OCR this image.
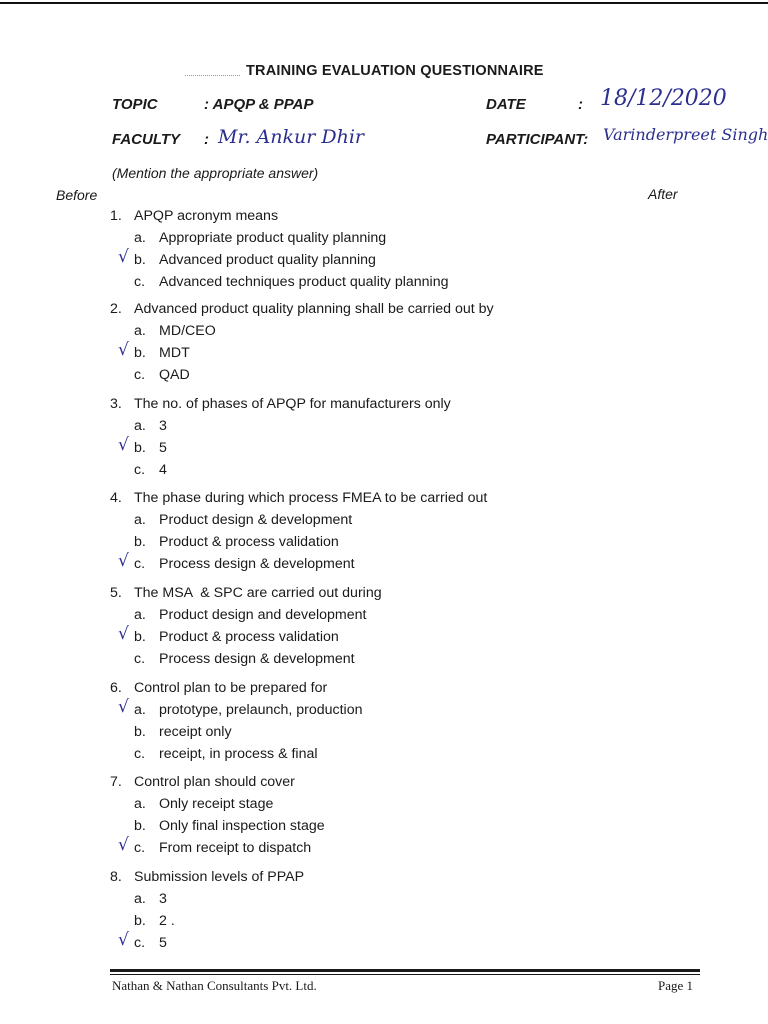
TRAINING EVALUATION QUESTIONNAIRE
TOPIC	: APQP & PPAP	DATE	: 18/12/2020
FACULTY : Mr. Ankur Dhir	PARTICIPANT: Varinderpreet Singh
(Mention the appropriate answer)
Before	After
1. APQP acronym means
a. Appropriate product quality planning
√ b. Advanced product quality planning
c. Advanced techniques product quality planning
2. Advanced product quality planning shall be carried out by
a. MD/CEO
√ b. MDT
c. QAD
3. The no. of phases of APQP for manufacturers only
a. 3
√ b. 5
c. 4
4. The phase during which process FMEA to be carried out
a. Product design & development
b. Product & process validation
√ c. Process design & development
5. The MSA  & SPC are carried out during
a. Product design and development
√ b. Product & process validation
c. Process design & development
6. Control plan to be prepared for
√ a. prototype, prelaunch, production
b. receipt only
c. receipt, in process & final
7. Control plan should cover
a. Only receipt stage
b. Only final inspection stage
√ c. From receipt to dispatch
8. Submission levels of PPAP
a. 3
b. 2 .
√ c. 5
Nathan & Nathan Consultants Pvt. Ltd.	Page 1
